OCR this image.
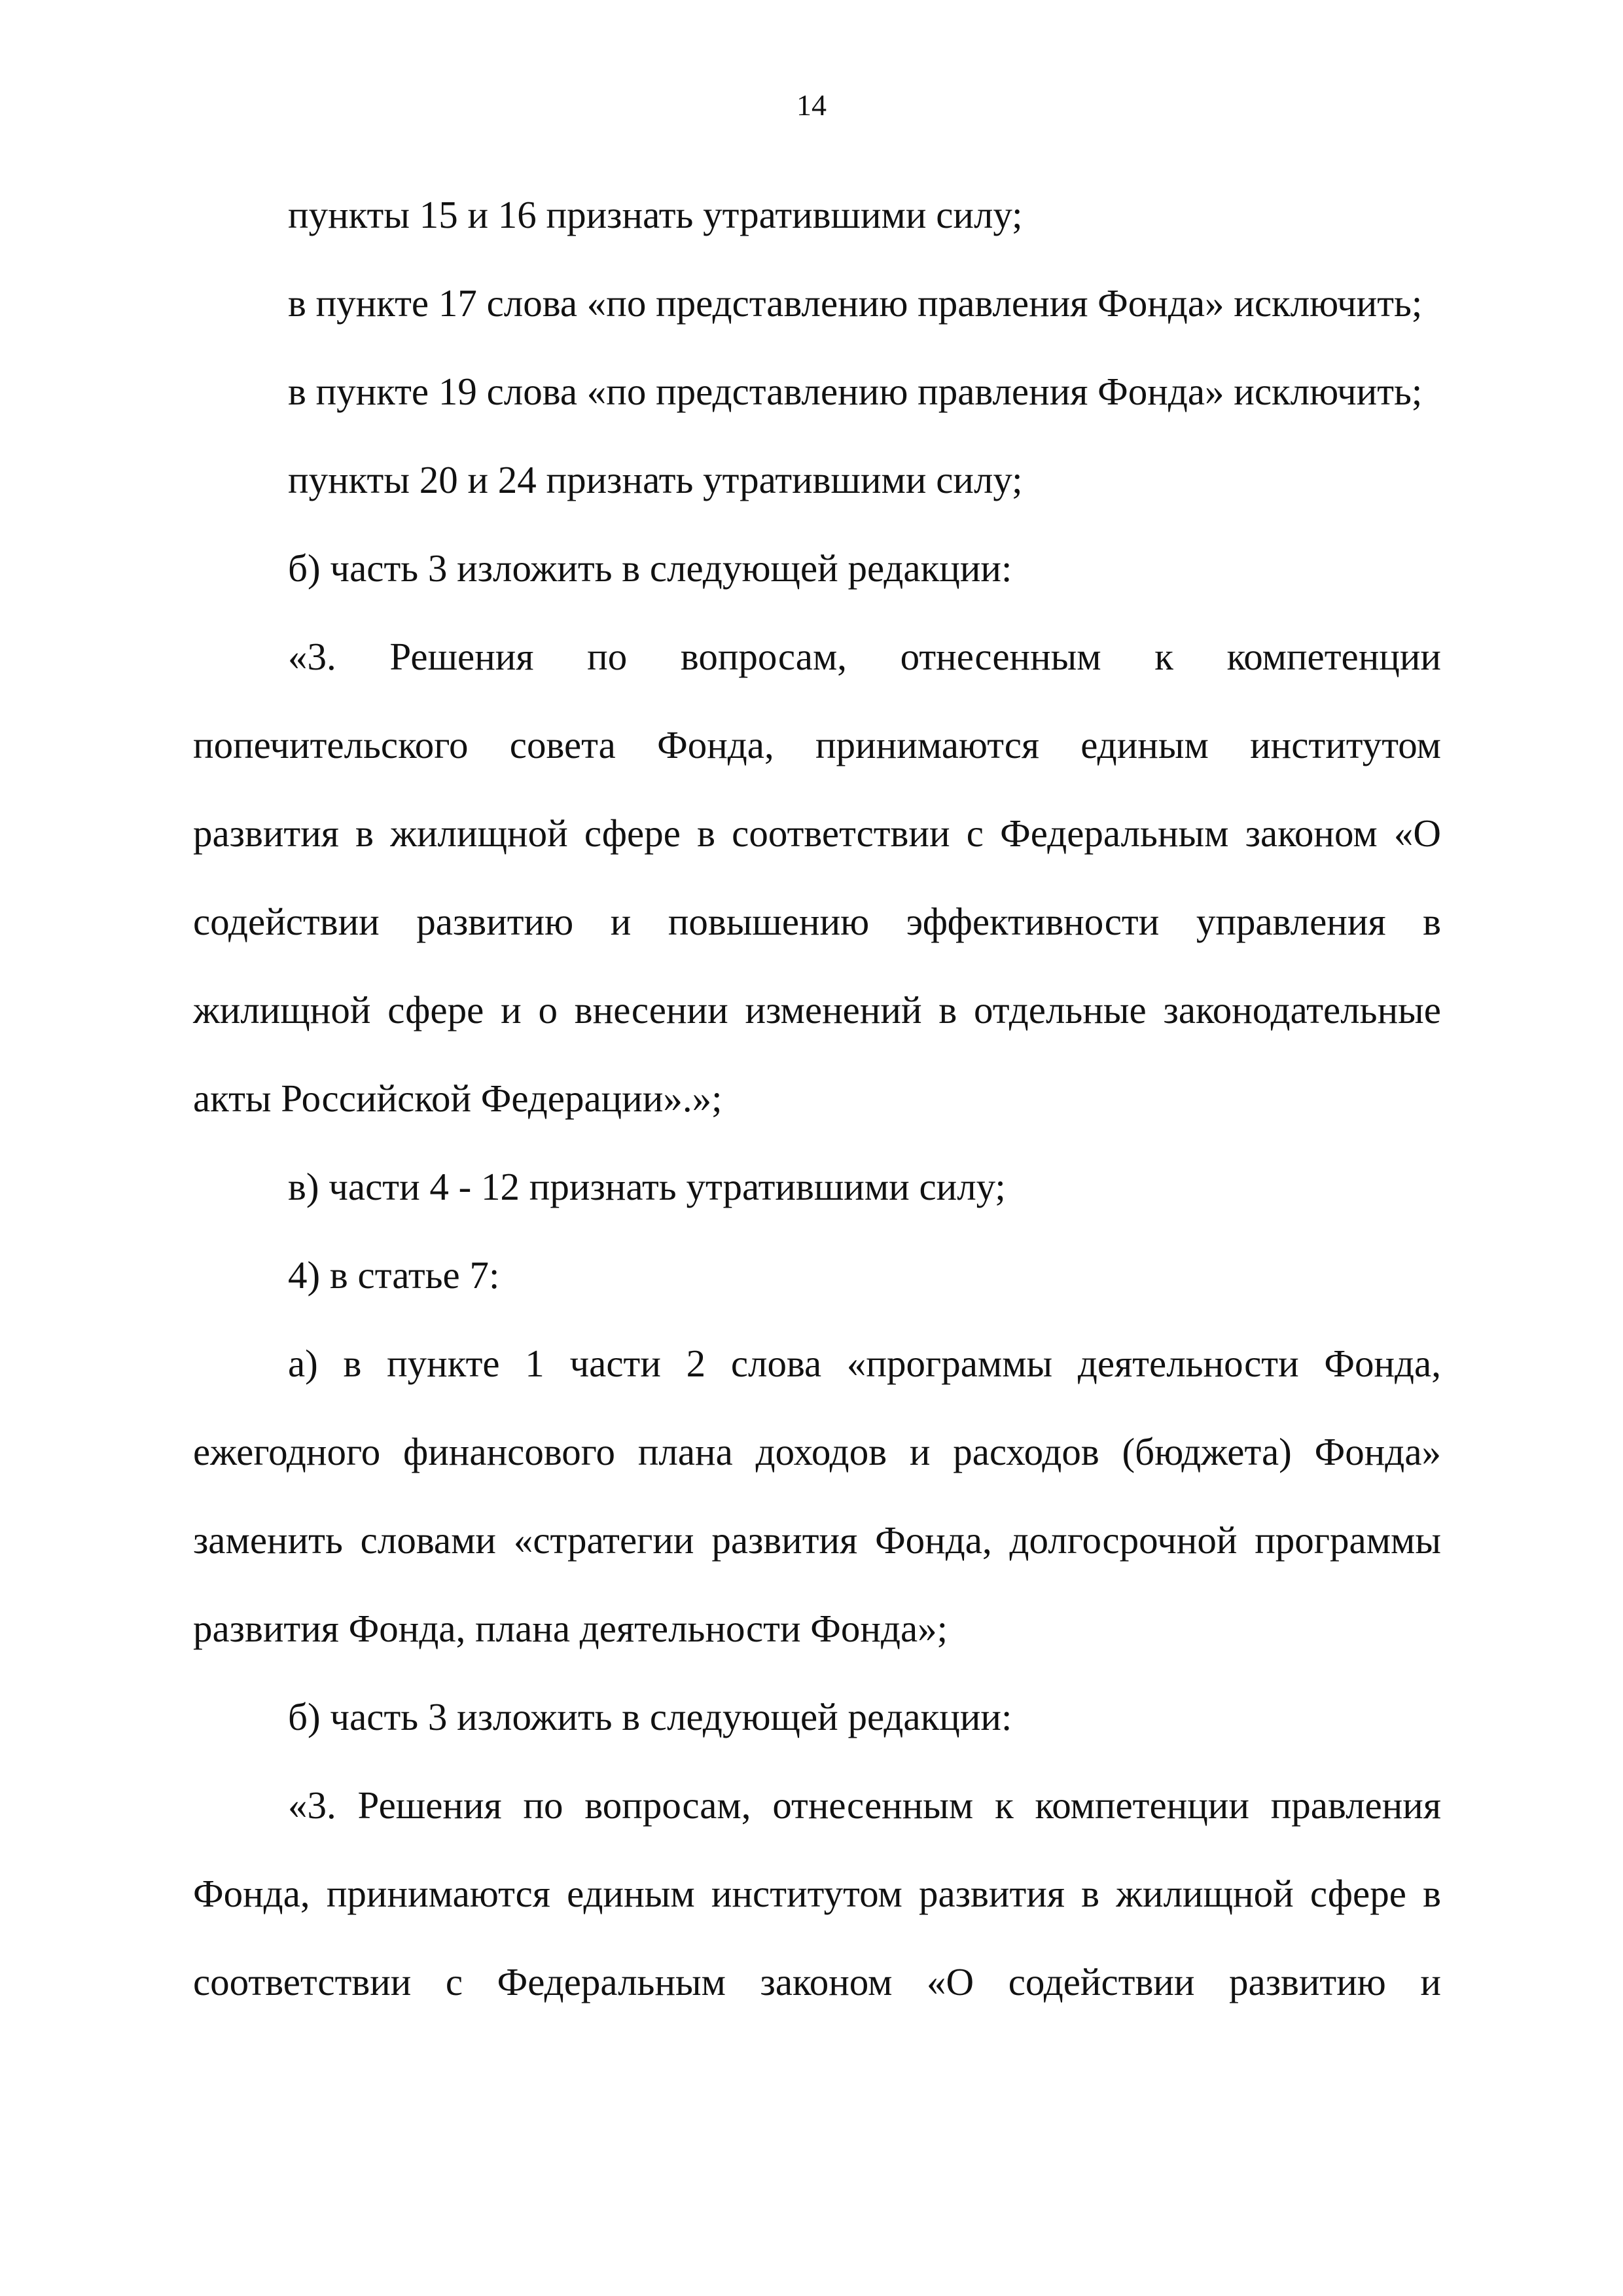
14

пункты 15 и 16 признать утратившими силу;

в пункте 17 слова «по представлению правления Фонда» исключить;

в пункте 19 слова «по представлению правления Фонда» исключить;

пункты 20 и 24 признать утратившими силу;

б) часть 3 изложить в следующей редакции:

«3. Решения по вопросам, отнесенным к компетенции

попечительского совета Фонда, принимаются единым институтом

развития в жилищной сфере в соответствии с Федеральным законом «О

содействии развитию и повышению эффективности управления в

жилищной сфере и о внесении изменений в отдельные законодательные

акты Российской Федерации».»;

в) части 4 - 12 признать утратившими силу;

4) в статье 7:

а) в пункте 1 части 2 слова «программы деятельности Фонда,

ежегодного финансового плана доходов и расходов (бюджета) Фонда»

заменить словами «стратегии развития Фонда, долгосрочной программы

развития Фонда, плана деятельности Фонда»;

б) часть 3 изложить в следующей редакции:

«3. Решения по вопросам, отнесенным к компетенции правления

Фонда, принимаются единым институтом развития в жилищной сфере в

соответствии с Федеральным законом «О содействии развитию и
